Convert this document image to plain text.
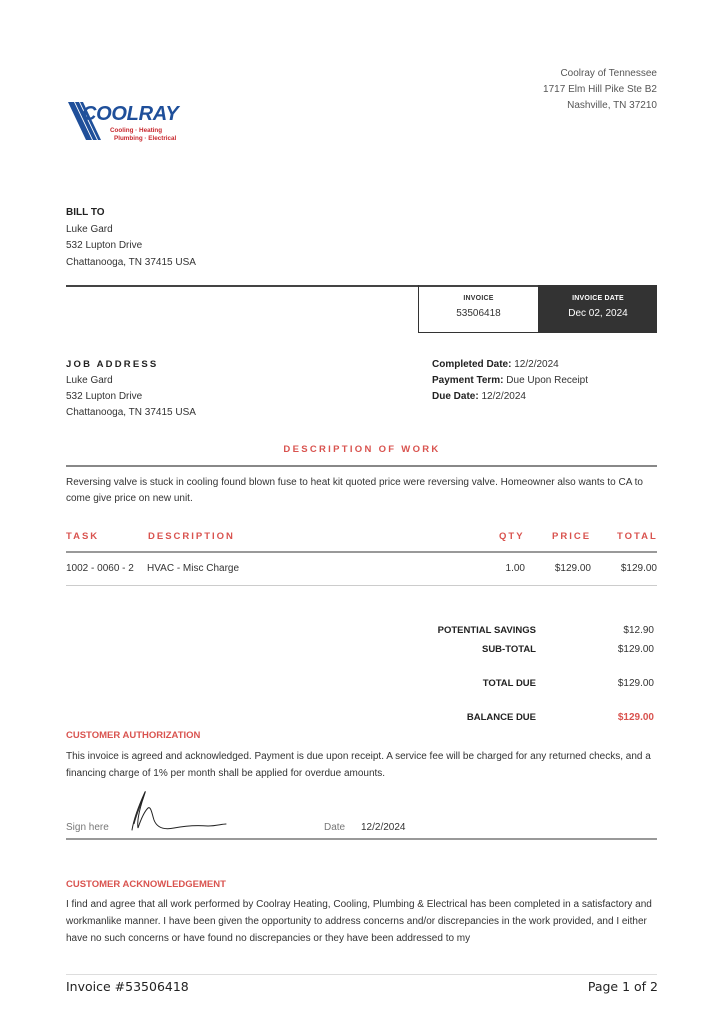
Coolray of Tennessee
1717 Elm Hill Pike Ste B2
Nashville, TN 37210
COOLRAY
Cooling · Heating
Plumbing · Electrical
BILL TO
Luke Gard
532 Lupton Drive
Chattanooga, TN 37415 USA
INVOICE
53506418
INVOICE DATE
Dec 02, 2024
JOB ADDRESS
Luke Gard
532 Lupton Drive
Chattanooga, TN 37415 USA
Completed Date: 12/2/2024
Payment Term: Due Upon Receipt
Due Date: 12/2/2024
DESCRIPTION OF WORK
Reversing valve is stuck in cooling found blown fuse to heat kit quoted price were reversing valve. Homeowner also wants to CA to come give price on new unit.
TASK	DESCRIPTION	QTY	PRICE	TOTAL
1002 - 0060 - 2 HVAC - Misc Charge	1.00	$129.00	$129.00
POTENTIAL SAVINGS	$12.90
SUB-TOTAL	$129.00
TOTAL DUE	$129.00
BALANCE DUE	$129.00
CUSTOMER AUTHORIZATION
This invoice is agreed and acknowledged. Payment is due upon receipt. A service fee will be charged for any returned checks, and a financing charge of 1% per month shall be applied for overdue amounts.
Sign here	Date 12/2/2024
CUSTOMER ACKNOWLEDGEMENT
I find and agree that all work performed by Coolray Heating, Cooling, Plumbing & Electrical has been completed in a satisfactory and workmanlike manner. I have been given the opportunity to address concerns and/or discrepancies in the work provided, and I either have no such concerns or have found no discrepancies or they have been addressed to my
Invoice #53506418	Page 1 of 2
